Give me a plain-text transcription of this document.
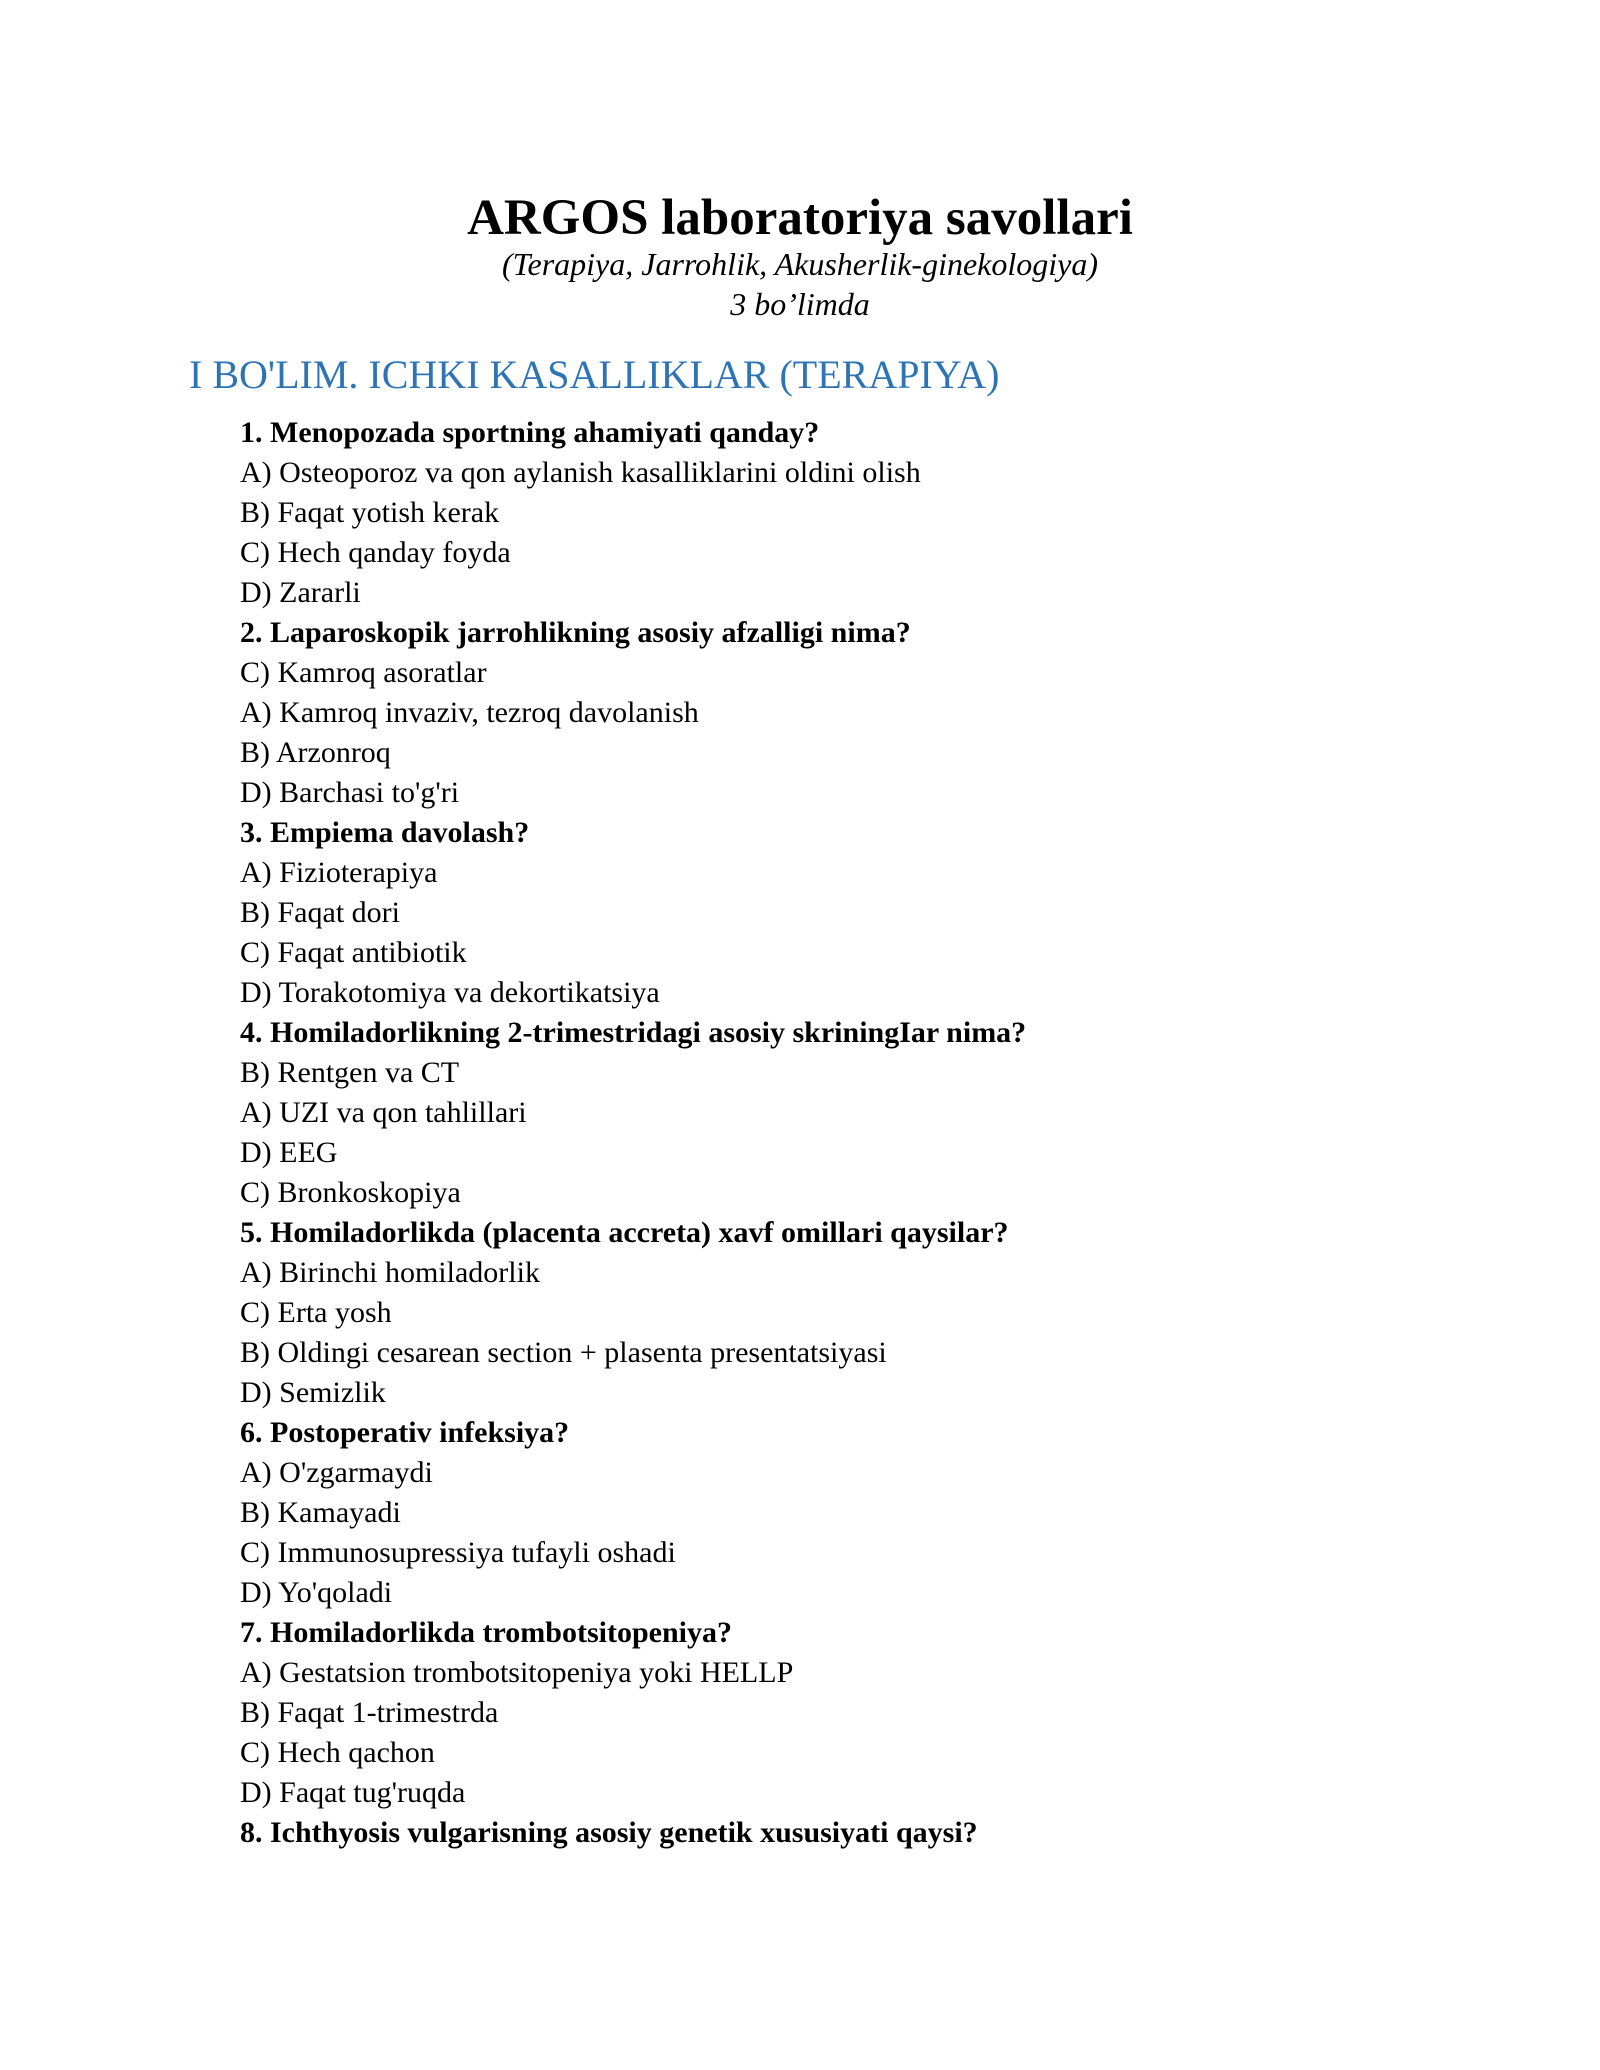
ARGOS laboratoriya savollari
(Terapiya, Jarrohlik, Akusherlik-ginekologiya)
3 bo’limda
I BO'LIM. ICHKI KASALLIKLAR (TERAPIYA)
1. Menopozada sportning ahamiyati qanday?
A) Osteoporoz va qon aylanish kasalliklarini oldini olish
B) Faqat yotish kerak
C) Hech qanday foyda
D) Zararli
2. Laparoskopik jarrohlikning asosiy afzalligi nima?
C) Kamroq asoratlar
A) Kamroq invaziv, tezroq davolanish
B) Arzonroq
D) Barchasi to'g'ri
3. Empiema davolash?
A) Fizioterapiya
B) Faqat dori
C) Faqat antibiotik
D) Torakotomiya va dekortikatsiya
4. Homiladorlikning 2-trimestridagi asosiy skriningIar nima?
B) Rentgen va CT
A) UZI va qon tahlillari
D) EEG
C) Bronkoskopiya
5. Homiladorlikda (placenta accreta) xavf omillari qaysilar?
A) Birinchi homiladorlik
C) Erta yosh
B) Oldingi cesarean section + plasenta presentatsiyasi
D) Semizlik
6. Postoperativ infeksiya?
A) O'zgarmaydi
B) Kamayadi
C) Immunosupressiya tufayli oshadi
D) Yo'qoladi
7. Homiladorlikda trombotsitopeniya?
A) Gestatsion trombotsitopeniya yoki HELLP
B) Faqat 1-trimestrda
C) Hech qachon
D) Faqat tug'ruqda
8. Ichthyosis vulgarisning asosiy genetik xususiyati qaysi?
